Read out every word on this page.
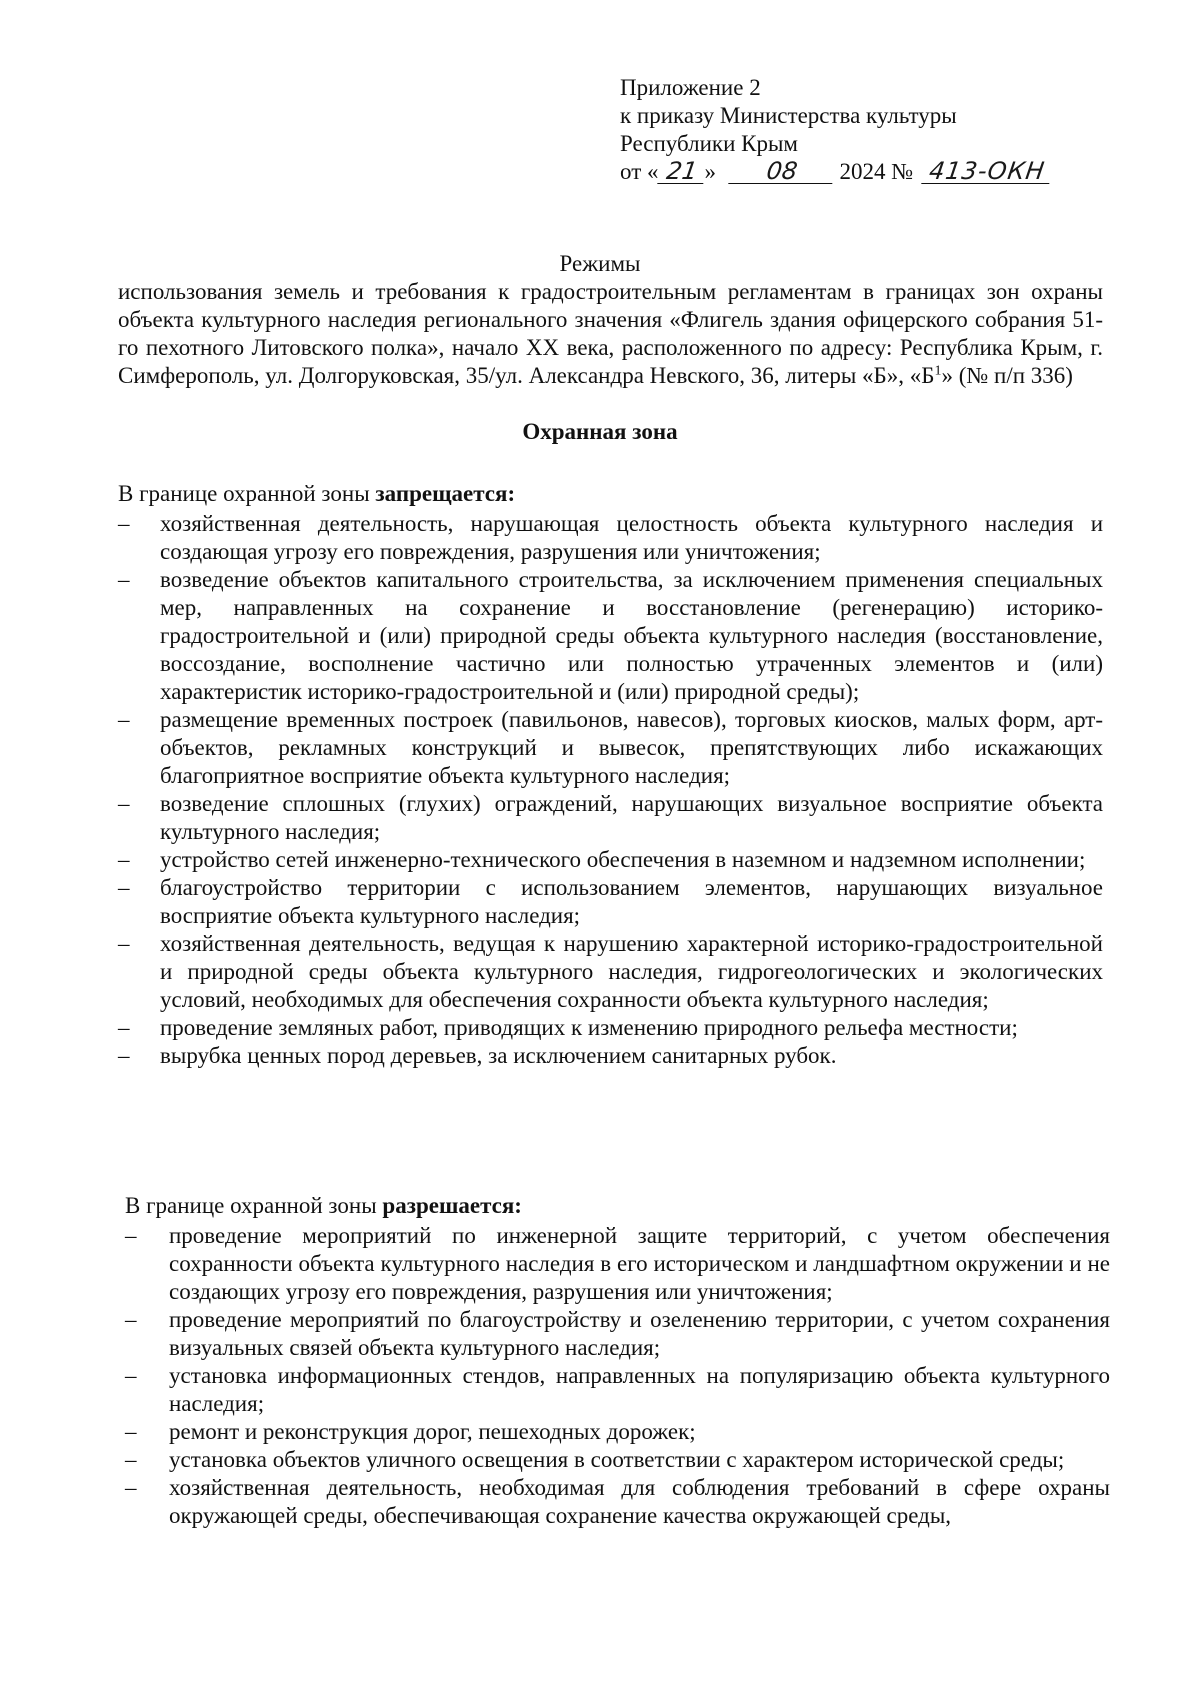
Приложение 2
к приказу Министерства культуры
Республики Крым
от « 21 » 08 2024 № 413-ОКН
Режимы
использования земель и требования к градостроительным регламентам в границах зон охраны объекта культурного наследия регионального значения «Флигель здания офицерского собрания 51-го пехотного Литовского полка», начало XX века, расположенного по адресу: Республика Крым, г. Симферополь, ул. Долгоруковская, 35/ул. Александра Невского, 36, литеры «Б», «$Б^1$» (№ п/п 336)
Охранная зона

В границе охранной зоны запрещается:

–	хозяйственная деятельность, нарушающая целостность объекта культурного наследия и создающая угрозу его повреждения, разрушения или уничтожения;
–	возведение объектов капитального строительства, за исключением применения специальных мер, направленных на сохранение и восстановление (регенерацию) историко-градостроительной и (или) природной среды объекта культурного наследия (восстановление, воссоздание, восполнение частично или полностью утраченных элементов и (или) характеристик историко-градостроительной и (или) природной среды);
–	размещение временных построек (павильонов, навесов), торговых киосков, малых форм, арт-объектов, рекламных конструкций и вывесок, препятствующих либо искажающих благоприятное восприятие объекта культурного наследия;
–	возведение сплошных (глухих) ограждений, нарушающих визуальное восприятие объекта культурного наследия;
–	устройство сетей инженерно-технического обеспечения в наземном и надземном исполнении;
–	благоустройство территории с использованием элементов, нарушающих визуальное восприятие объекта культурного наследия;
–	хозяйственная деятельность, ведущая к нарушению характерной историко-градостроительной и природной среды объекта культурного наследия, гидрогеологических и экологических условий, необходимых для обеспечения сохранности объекта культурного наследия;
–	проведение земляных работ, приводящих к изменению природного рельефа местности;
–	вырубка ценных пород деревьев, за исключением санитарных рубок.

В границе охранной зоны разрешается:

–	проведение мероприятий по инженерной защите территорий, с учетом обеспечения сохранности объекта культурного наследия в его историческом и ландшафтном окружении и не создающих угрозу его повреждения, разрушения или уничтожения;
–	проведение мероприятий по благоустройству и озеленению территории, с учетом сохранения визуальных связей объекта культурного наследия;
–	установка информационных стендов, направленных на популяризацию объекта культурного наследия;
–	ремонт и реконструкция дорог, пешеходных дорожек;
–	установка объектов уличного освещения в соответствии с характером исторической среды;
–	хозяйственная деятельность, необходимая для соблюдения требований в сфере охраны окружающей среды, обеспечивающая сохранение качества окружающей среды,
